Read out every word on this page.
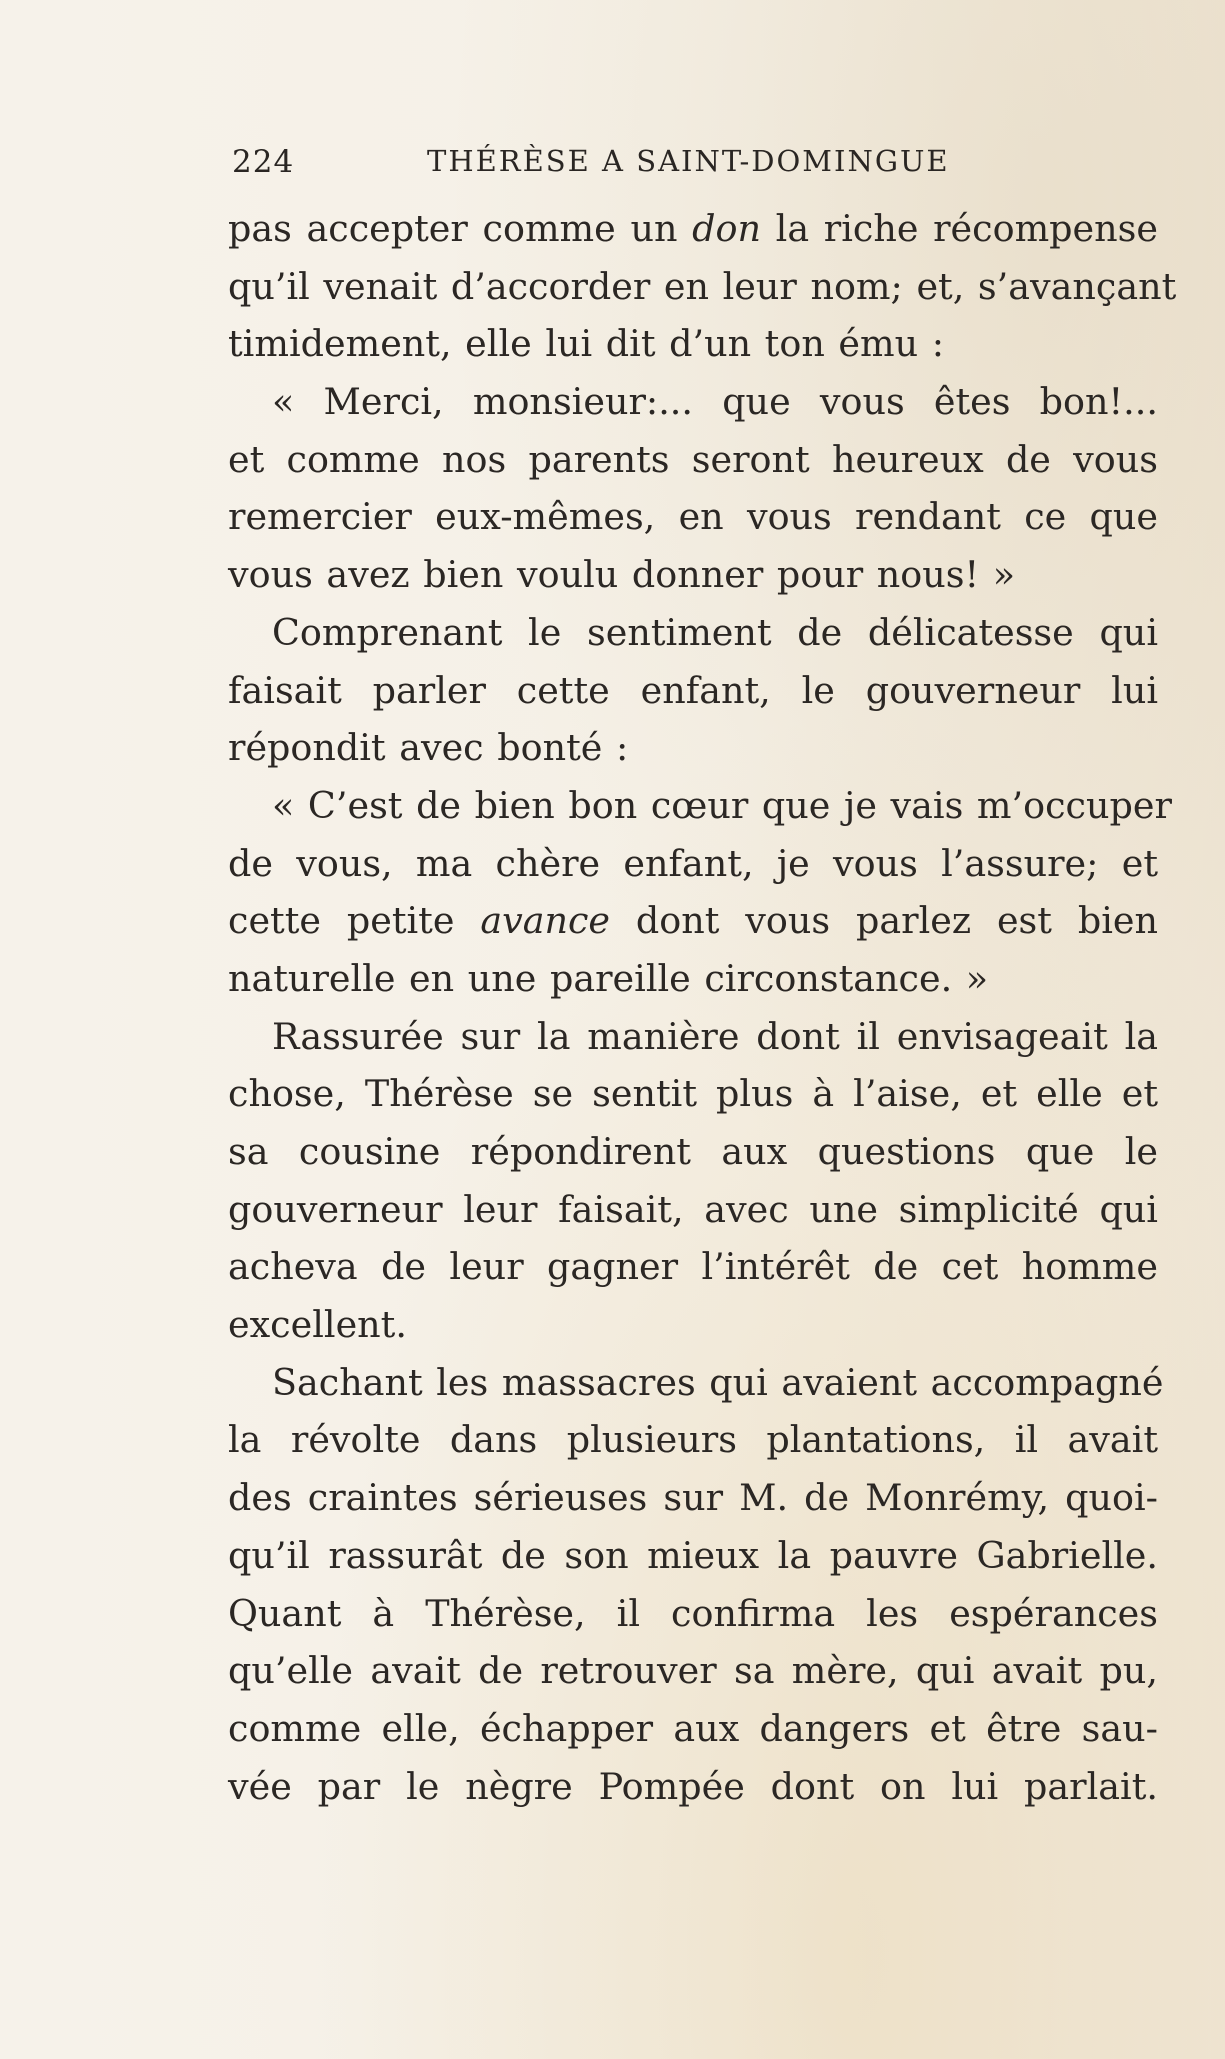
224	THÉRÈSE A SAINT-DOMINGUE
pas accepter comme un don la riche récompense
qu’il venait d’accorder en leur nom; et, s’avançant
timidement, elle lui dit d’un ton ému :
« Merci, monsieur:... que vous êtes bon!...
et comme nos parents seront heureux de vous
remercier eux-mêmes, en vous rendant ce que
vous avez bien voulu donner pour nous! »
Comprenant le sentiment de délicatesse qui
faisait parler cette enfant, le gouverneur lui
répondit avec bonté :
« C’est de bien bon cœur que je vais m’occuper
de vous, ma chère enfant, je vous l’assure; et
cette petite avance dont vous parlez est bien
naturelle en une pareille circonstance. »
Rassurée sur la manière dont il envisageait la
chose, Thérèse se sentit plus à l’aise, et elle et
sa cousine répondirent aux questions que le
gouverneur leur faisait, avec une simplicité qui
acheva de leur gagner l’intérêt de cet homme
excellent.
Sachant les massacres qui avaient accompagné
la révolte dans plusieurs plantations, il avait
des craintes sérieuses sur M. de Monrémy, quoi-
qu’il rassurât de son mieux la pauvre Gabrielle.
Quant à Thérèse, il confirma les espérances
qu’elle avait de retrouver sa mère, qui avait pu,
comme elle, échapper aux dangers et être sau-
vée par le nègre Pompée dont on lui parlait.
